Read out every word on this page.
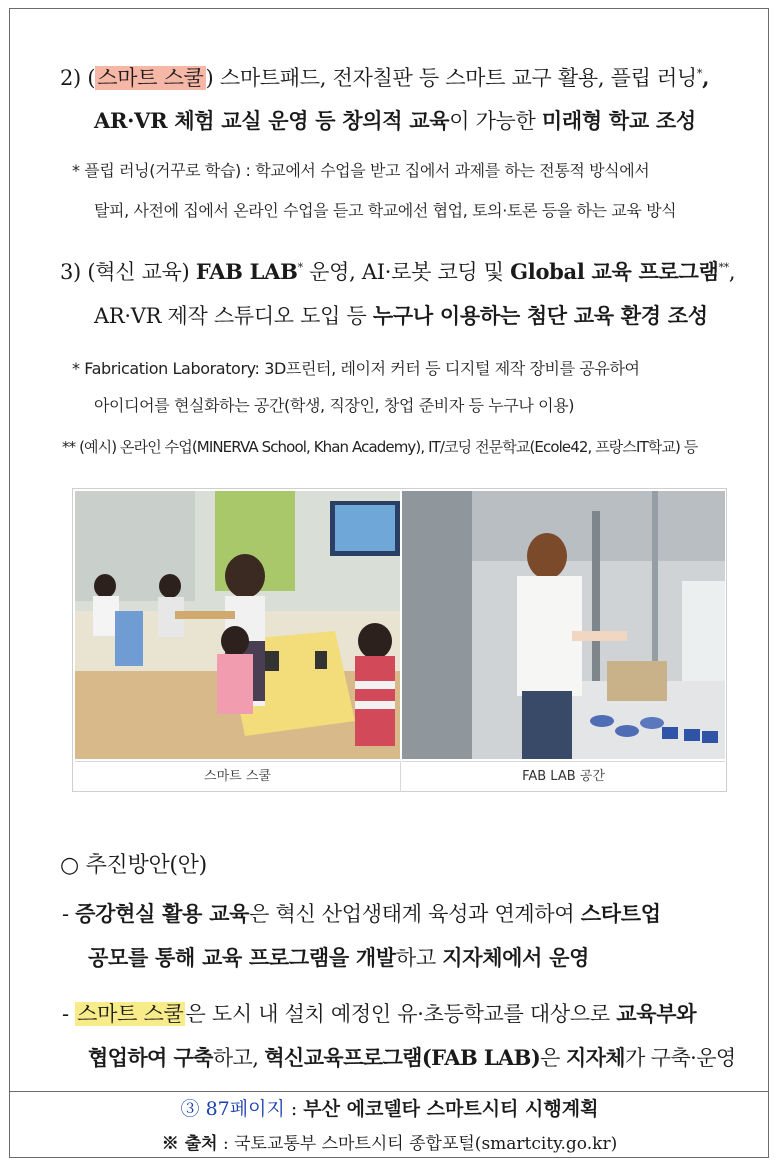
2) (스마트 스쿨) 스마트패드, 전자칠판 등 스마트 교구 활용, 플립 러닝*,
AR·VR 체험 교실 운영 등 창의적 교육이 가능한 미래형 학교 조성
* 플립 러닝(거꾸로 학습) : 학교에서 수업을 받고 집에서 과제를 하는 전통적 방식에서
탈피, 사전에 집에서 온라인 수업을 듣고 학교에선 협업, 토의·토론 등을 하는 교육 방식
3) (혁신 교육) FAB LAB* 운영, AI·로봇 코딩 및 Global 교육 프로그램**,
AR·VR 제작 스튜디오 도입 등 누구나 이용하는 첨단 교육 환경 조성
* Fabrication Laboratory: 3D프린터, 레이저 커터 등 디지털 제작 장비를 공유하여
아이디어를 현실화하는 공간(학생, 직장인, 창업 준비자 등 누구나 이용)
** (예시) 온라인 수업(MINERVA School, Khan Academy), IT/코딩 전문학교(Ecole42, 프랑스IT학교) 등
스마트 스쿨	FAB LAB 공간
○ 추진방안(안)
- 증강현실 활용 교육은 혁신 산업생태계 육성과 연계하여 스타트업
공모를 통해 교육 프로그램을 개발하고 지자체에서 운영
- 스마트 스쿨은 도시 내 설치 예정인 유·초등학교를 대상으로 교육부와
협업하여 구축하고, 혁신교육프로그램(FAB LAB)은 지자체가 구축·운영
③ 87페이지 : 부산 에코델타 스마트시티 시행계획
※ 출처 : 국토교통부 스마트시티 종합포털(smartcity.go.kr)
